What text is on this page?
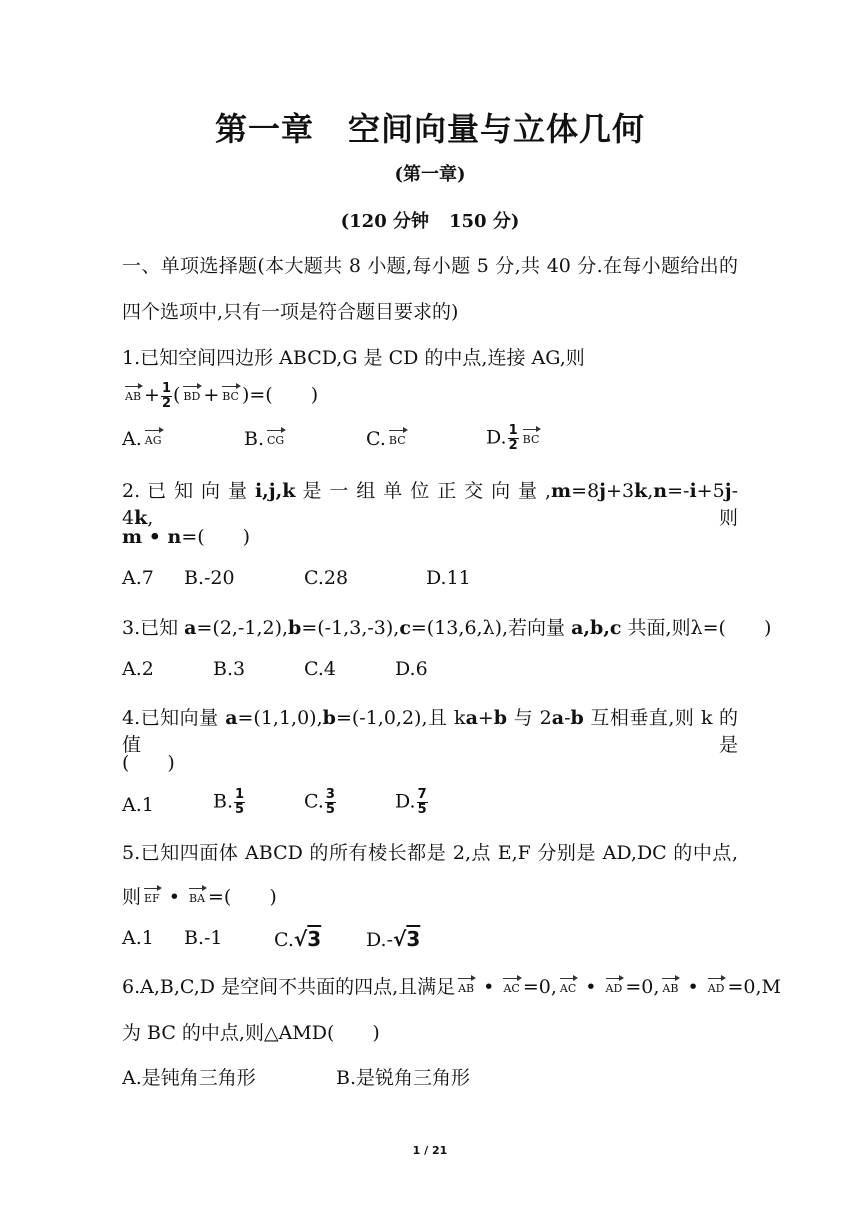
第一章 空间向量与立体几何
(第一章)
(120 分钟 150 分)
一、单项选择题(本大题共 8 小题,每小题 5 分,共 40 分.在每小题给出的
四个选项中,只有一项是符合题目要求的)
1.已知空间四边形 ABCD,G 是 CD 的中点,连接 AG,则
AB + $\frac{1}{2}$ ( BD + BC )=(　　)
A. AG	B. CG	C. BC	D. $\frac{1}{2}$ BC
2. 已 知 向 量 i,j,k 是 一 组 单 位 正 交 向 量 ,m=8j+3k,n=-i+5j-4k, 则
m • n=(　　)
A.7 B.-20	C.28	D.11
3.已知 a=(2,-1,2),b=(-1,3,-3),c=(13,6,λ),若向量 a,b,c 共面,则λ=(　　)
A.2	B.3	C.4	D.6
4.已知向量 a=(1,1,0),b=(-1,0,2),且 ka+b 与 2a-b 互相垂直,则 k 的值是
(　　)
A.1	B. $\frac{1}{5}$	C. $\frac{3}{5}$	D. $\frac{7}{5}$
5.已知四面体 ABCD 的所有棱长都是 2,点 E,F 分别是 AD,DC 的中点,
则 EF • BA =(　　)
A.1 B.-1	C.√3 D.-√3
6.A,B,C,D 是空间不共面的四点,且满足 AB • AC =0, AC • AD =0, AB • AD =0,M
为 BC 的中点,则△AMD(　　)
A.是钝角三角形	B.是锐角三角形
1 / 21
